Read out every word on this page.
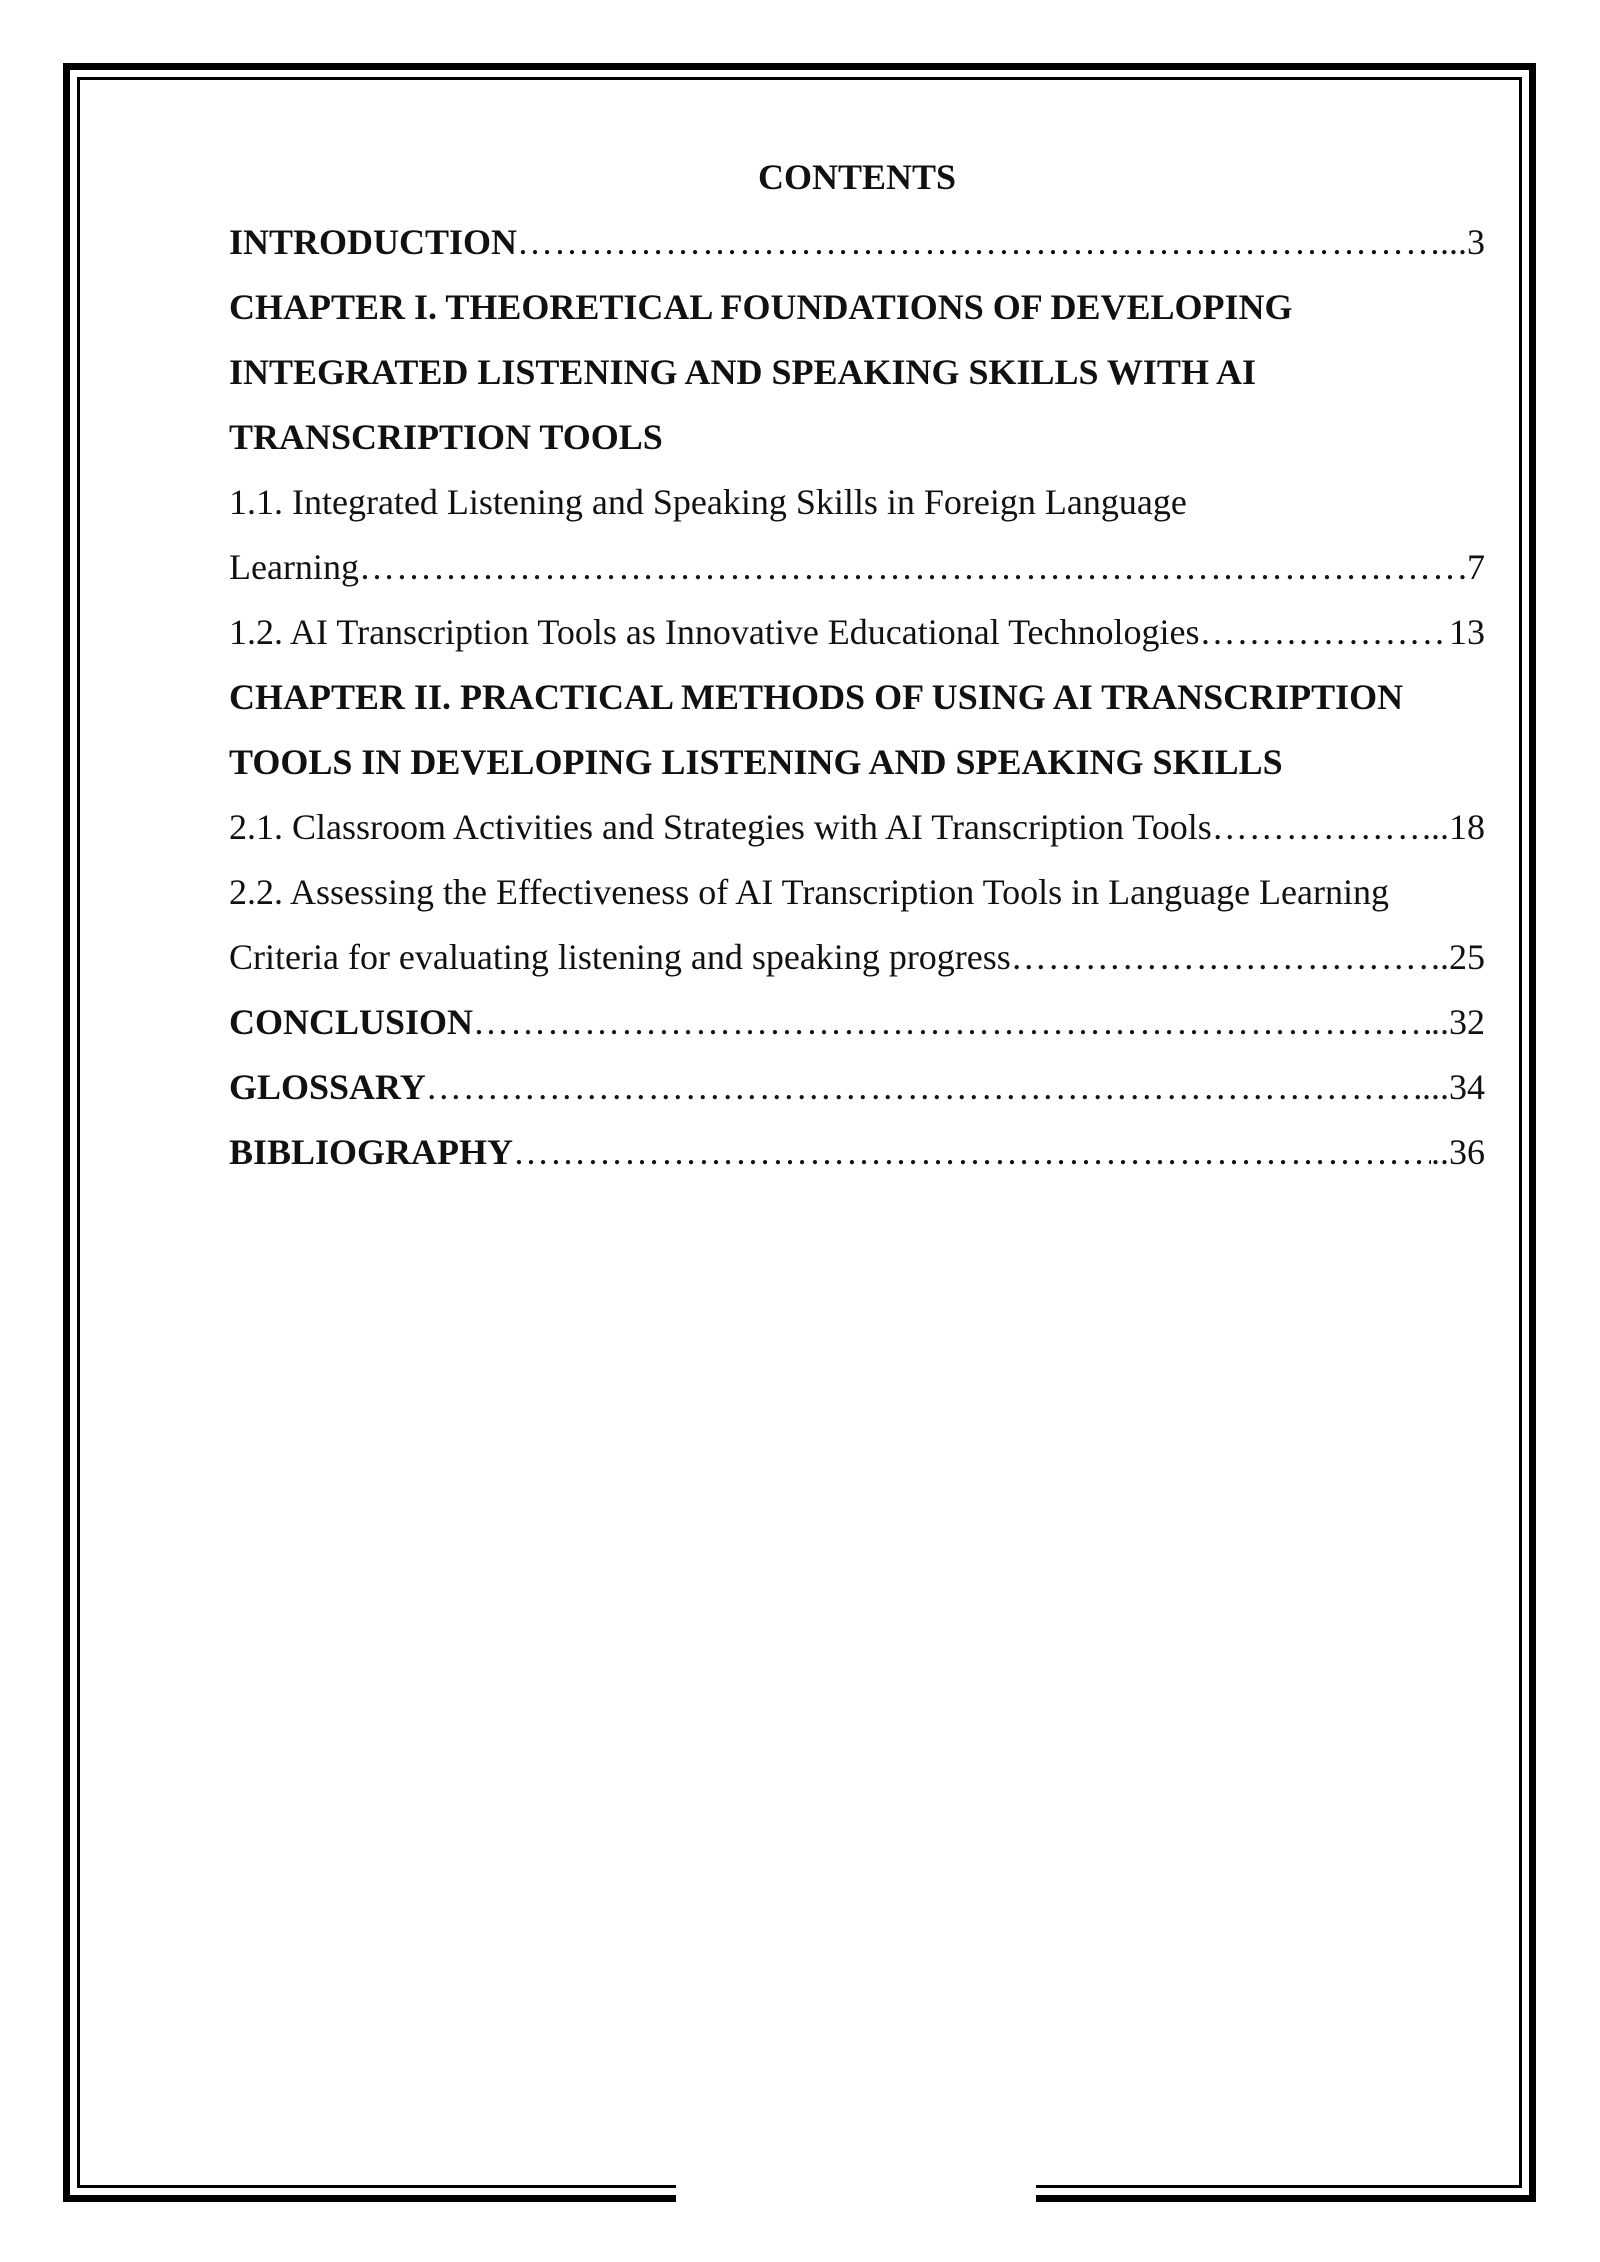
CONTENTS
INTRODUCTION ……………………………………………………………………………………………………………………………………………………………………………………………………………………………	...3
CHAPTER I. THEORETICAL FOUNDATIONS OF DEVELOPING
INTEGRATED LISTENING AND SPEAKING SKILLS WITH AI
TRANSCRIPTION TOOLS
1.1. Integrated Listening and Speaking Skills in Foreign Language
Learning ……………………………………………………………………………………………………………………………………………………………………………………………………………………………	.7
1.2. AI Transcription Tools as Innovative Educational Technologies ……………………………………………………………………………………………………………………………………………………………………………………………………………………………	13
CHAPTER II. PRACTICAL METHODS OF USING AI TRANSCRIPTION
TOOLS IN DEVELOPING LISTENING AND SPEAKING SKILLS
2.1. Classroom Activities and Strategies with AI Transcription Tools ……………………………………………………………………………………………………………………………………………………………………………………………………………………………	...18
2.2. Assessing the Effectiveness of AI Transcription Tools in Language Learning
Criteria for evaluating listening and speaking progress ……………………………………………………………………………………………………………………………………………………………………………………………………………………………	..25
CONCLUSION ……………………………………………………………………………………………………………………………………………………………………………………………………………………………	..32
GLOSSARY ……………………………………………………………………………………………………………………………………………………………………………………………………………………………	...34
BIBLIOGRAPHY ……………………………………………………………………………………………………………………………………………………………………………………………………………………………	..36
